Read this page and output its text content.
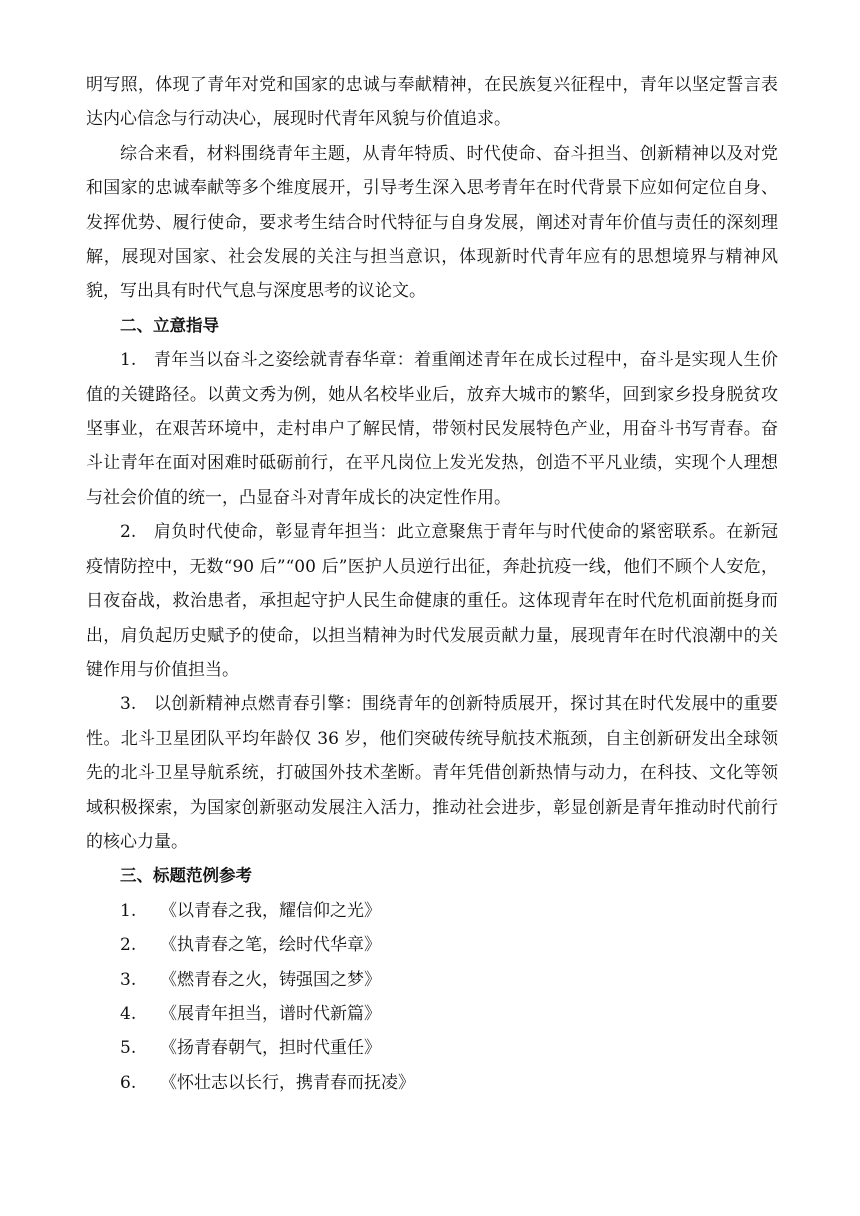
明写照，体现了青年对党和国家的忠诚与奉献精神，在民族复兴征程中，青年以坚定誓言表达内心信念与行动决心，展现时代青年风貌与价值追求。

综合来看，材料围绕青年主题，从青年特质、时代使命、奋斗担当、创新精神以及对党和国家的忠诚奉献等多个维度展开，引导考生深入思考青年在时代背景下应如何定位自身、发挥优势、履行使命，要求考生结合时代特征与自身发展，阐述对青年价值与责任的深刻理解，展现对国家、社会发展的关注与担当意识，体现新时代青年应有的思想境界与精神风貌，写出具有时代气息与深度思考的议论文。

二、立意指导

1.　青年当以奋斗之姿绘就青春华章：着重阐述青年在成长过程中，奋斗是实现人生价值的关键路径。以黄文秀为例，她从名校毕业后，放弃大城市的繁华，回到家乡投身脱贫攻坚事业，在艰苦环境中，走村串户了解民情，带领村民发展特色产业，用奋斗书写青春。奋斗让青年在面对困难时砥砺前行，在平凡岗位上发光发热，创造不平凡业绩，实现个人理想与社会价值的统一，凸显奋斗对青年成长的决定性作用。

2.　肩负时代使命，彰显青年担当：此立意聚焦于青年与时代使命的紧密联系。在新冠疫情防控中，无数“90 后”“00 后”医护人员逆行出征，奔赴抗疫一线，他们不顾个人安危，日夜奋战，救治患者，承担起守护人民生命健康的重任。这体现青年在时代危机面前挺身而出，肩负起历史赋予的使命，以担当精神为时代发展贡献力量，展现青年在时代浪潮中的关键作用与价值担当。

3.　以创新精神点燃青春引擎：围绕青年的创新特质展开，探讨其在时代发展中的重要性。北斗卫星团队平均年龄仅 36 岁，他们突破传统导航技术瓶颈，自主创新研发出全球领先的北斗卫星导航系统，打破国外技术垄断。青年凭借创新热情与动力，在科技、文化等领域积极探索，为国家创新驱动发展注入活力，推动社会进步，彰显创新是青年推动时代前行的核心力量。

三、标题范例参考
1. 《以青春之我，耀信仰之光》
2. 《执青春之笔，绘时代华章》
3. 《燃青春之火，铸强国之梦》
4. 《展青年担当，谱时代新篇》
5. 《扬青春朝气，担时代重任》
6. 《怀壮志以长行，携青春而抚凌》
